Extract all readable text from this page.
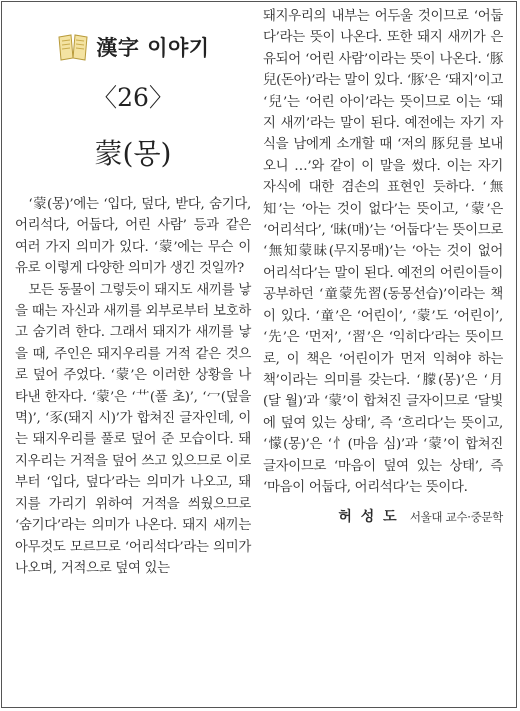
漢字 이야기
〈26〉
蒙(몽)

‘蒙(몽)’에는 ‘입다, 덮다, 받다, 숨기다, 어리석다, 어둡다, 어린 사람’ 등과 같은 여러 가지 의미가 있다. ‘蒙’에는 무슨 이유로 이렇게 다양한 의미가 생긴 것일까?

모든 동물이 그렇듯이 돼지도 새끼를 낳을 때는 자신과 새끼를 외부로부터 보호하고 숨기려 한다. 그래서 돼지가 새끼를 낳을 때, 주인은 돼지우리를 거적 같은 것으로 덮어 주었다. ‘蒙’은 이러한 상황을 나타낸 한자다. ‘蒙’은 ‘艹(풀 초)’, ‘冖(덮을 멱)’, ‘豕(돼지 시)’가 합쳐진 글자인데, 이는 돼지우리를 풀로 덮어 준 모습이다. 돼지우리는 거적을 덮어 쓰고 있으므로 이로부터 ‘입다, 덮다’라는 의미가 나오고, 돼지를 가리기 위하여 거적을 씌웠으므로 ‘숨기다’라는 의미가 나온다. 돼지 새끼는 아무것도 모르므로 ‘어리석다’라는 의미가 나오며, 거적으로 덮여 있는

돼지우리의 내부는 어두울 것이므로 ‘어둡다’라는 뜻이 나온다. 또한 돼지 새끼가 은유되어 ‘어린 사람’이라는 뜻이 나온다. ‘豚兒(돈아)’라는 말이 있다. ‘豚’은 ‘돼지’이고 ‘兒’는 ‘어린 아이’라는 뜻이므로 이는 ‘돼지 새끼’라는 말이 된다. 예전에는 자기 자식을 남에게 소개할 때 ‘저의 豚兒를 보내오니 …’와 같이 이 말을 썼다. 이는 자기 자식에 대한 겸손의 표현인 듯하다. ‘無知’는 ‘아는 것이 없다’는 뜻이고, ‘蒙’은 ‘어리석다’, ‘昧(매)’는 ‘어둡다’는 뜻이므로 ‘無知蒙昧(무지몽매)’는 ‘아는 것이 없어 어리석다’는 말이 된다. 예전의 어린이들이 공부하던 ‘童蒙先習(동몽선습)’이라는 책이 있다. ‘童’은 ‘어린이’, ‘蒙’도 ‘어린이’, ‘先’은 ‘먼저’, ‘習’은 ‘익히다’라는 뜻이므로, 이 책은 ‘어린이가 먼저 익혀야 하는 책’이라는 의미를 갖는다. ‘朦(몽)’은 ‘月(달 월)’과 ‘蒙’이 합쳐진 글자이므로 ‘달빛에 덮여 있는 상태’, 즉 ‘흐리다’는 뜻이고, ‘懞(몽)’은 ‘忄(마음 심)’과 ‘蒙’이 합쳐진 글자이므로 ‘마음이 덮여 있는 상태’, 즉 ‘마음이 어둡다, 어리석다’는 뜻이다.

허 성 도 서울대 교수·중문학
